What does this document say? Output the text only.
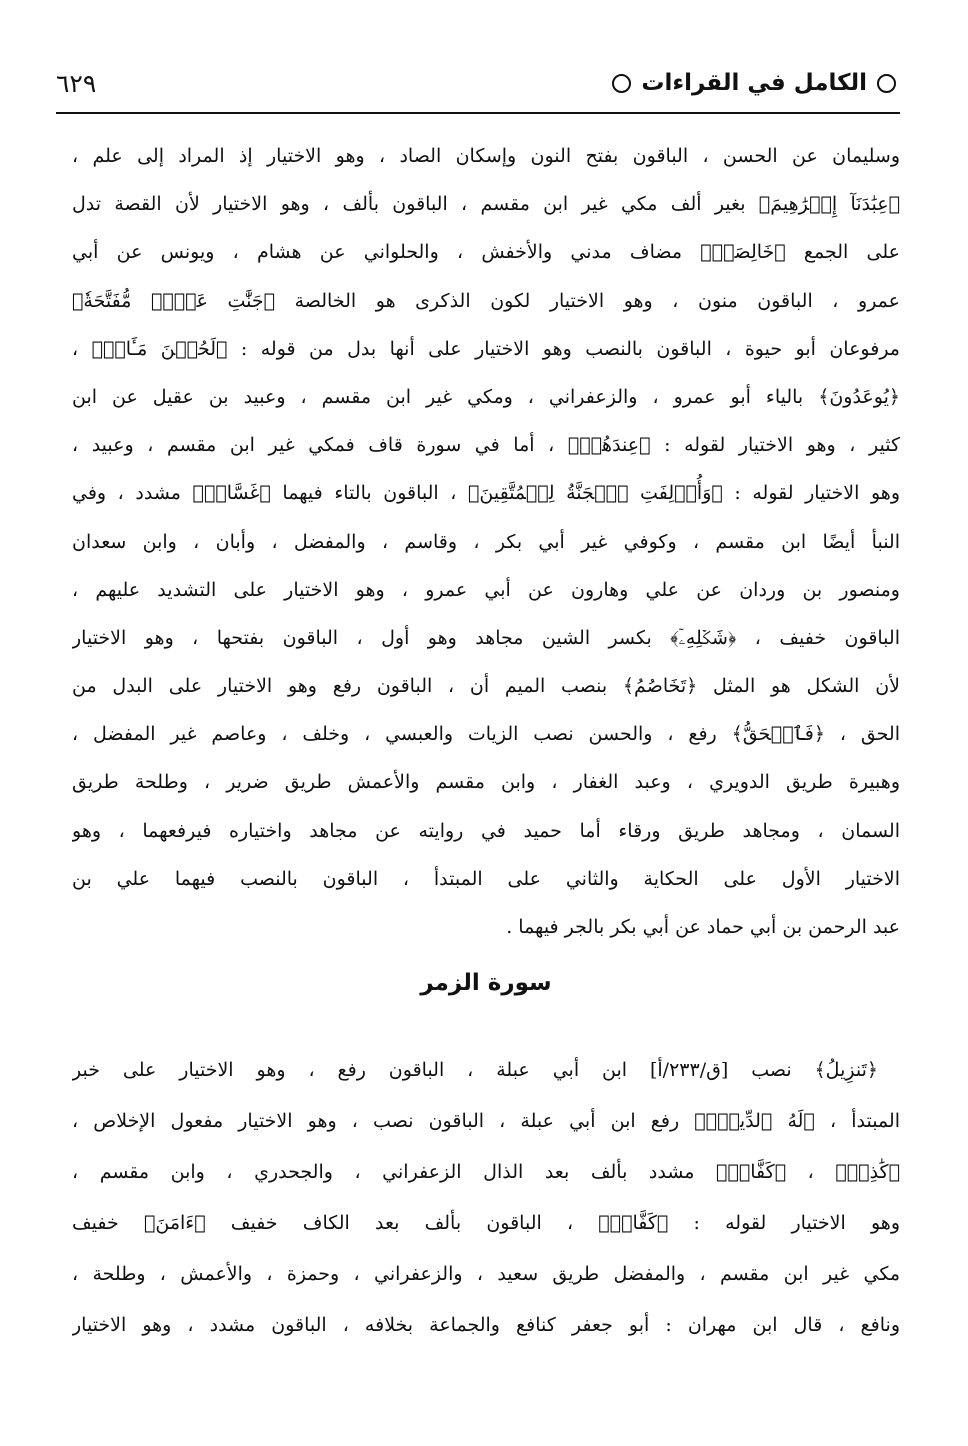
الكامل في القراءات
٦٢٩
وسليمان عن الحسن ، الباقون بفتح النون وإسكان الصاد ، وهو الاختيار إذ المراد إلى علم ،
﴿عِبَٰدَنَآ إِبۡرَٰهِيمَ﴾ بغير ألف مكي غير ابن مقسم ، الباقون بألف ، وهو الاختيار لأن القصة تدل
على الجمع ﴿خَالِصَةٖ﴾ مضاف مدني والأخفش ، والحلواني عن هشام ، ويونس عن أبي
عمرو ، الباقون منون ، وهو الاختيار لكون الذكرى هو الخالصة ﴿جَنَّٰتِ عَدۡنٖ مُّفَتَّحَةٗ﴾
مرفوعان أبو حيوة ، الباقون بالنصب وهو الاختيار على أنها بدل من قوله : ﴿لَحُسۡنَ مَـَٔابٖ﴾ ،
﴿يُوعَدُونَ﴾ بالياء أبو عمرو ، والزعفراني ، ومكي غير ابن مقسم ، وعبيد بن عقيل عن ابن
كثير ، وهو الاختيار لقوله : ﴿عِندَهُمۡ﴾ ، أما في سورة قاف فمكي غير ابن مقسم ، وعبيد ،
وهو الاختيار لقوله : ﴿وَأُزۡلِفَتِ ٱلۡجَنَّةُ لِلۡمُتَّقِينَ﴾ ، الباقون بالتاء فيهما ﴿غَسَّاقٞ﴾ مشدد ، وفي
النبأ أيضًا ابن مقسم ، وكوفي غير أبي بكر ، وقاسم ، والمفضل ، وأبان ، وابن سعدان
ومنصور بن وردان عن علي وهارون عن أبي عمرو ، وهو الاختيار على التشديد عليهم ،
الباقون خفيف ، ﴿شَكۡلِهِۦٓ﴾ بكسر الشين مجاهد وهو أول ، الباقون بفتحها ، وهو الاختيار
لأن الشكل هو المثل ﴿تَخَاصُمُ﴾ بنصب الميم أن ، الباقون رفع وهو الاختيار على البدل من
الحق ، ﴿فَٱلۡحَقُّ﴾ رفع ، والحسن نصب الزيات والعبسي ، وخلف ، وعاصم غير المفضل ،
وهبيرة طريق الدويري ، وعبد الغفار ، وابن مقسم والأعمش طريق ضرير ، وطلحة طريق
السمان ، ومجاهد طريق ورقاء أما حميد في روايته عن مجاهد واختياره فيرفعهما ، وهو
الاختيار الأول على الحكاية والثاني على المبتدأ ، الباقون بالنصب فيهما علي بن
عبد الرحمن بن أبي حماد عن أبي بكر بالجر فيهما .
سورة الزمر
﴿تَنزِيلُ﴾ نصب [ق/٢٣٣/أ] ابن أبي عبلة ، الباقون رفع ، وهو الاختيار على خبر
المبتدأ ، ﴿لَهُ ٱلدِّينُۚ﴾ رفع ابن أبي عبلة ، الباقون نصب ، وهو الاختيار مفعول الإخلاص ،
﴿كَٰذِبٞ﴾ ، ﴿كَفَّارٞ﴾ مشدد بألف بعد الذال الزعفراني ، والجحدري ، وابن مقسم ،
وهو الاختيار لقوله : ﴿كَفَّارٞ﴾ ، الباقون بألف بعد الكاف خفيف ﴿ءَامَنَ﴾ خفيف
مكي غير ابن مقسم ، والمفضل طريق سعيد ، والزعفراني ، وحمزة ، والأعمش ، وطلحة ،
ونافع ، قال ابن مهران : أبو جعفر كنافع والجماعة بخلافه ، الباقون مشدد ، وهو الاختيار
